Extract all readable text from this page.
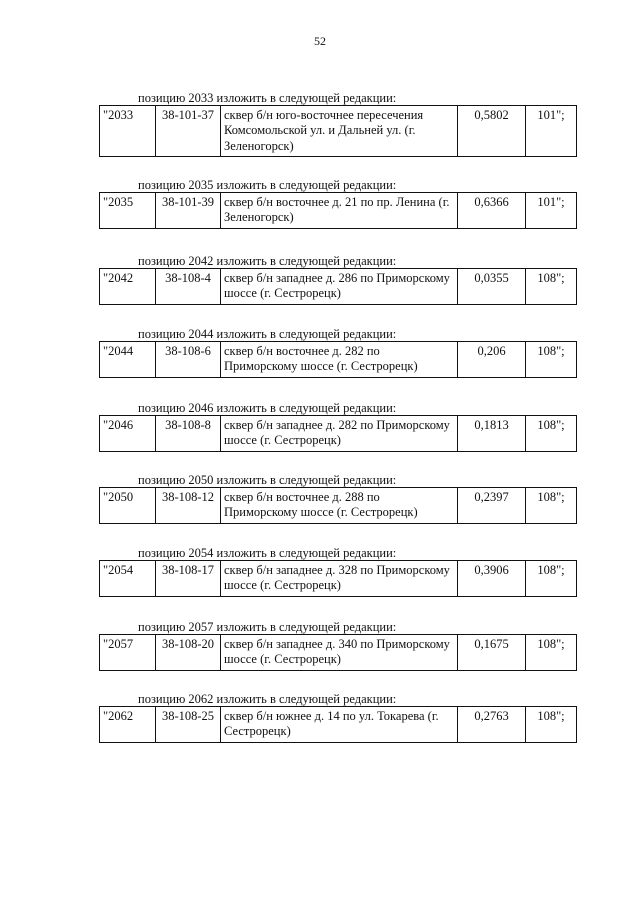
52
позицию 2033 изложить в следующей редакции:
"2033	38-101-37	сквер б/н юго-восточнее пересечения Комсомольской ул. и Дальней ул. (г. Зеленогорск)	0,5802	101";
позицию 2035 изложить в следующей редакции:
"2035	38-101-39	сквер б/н восточнее д. 21 по пр. Ленина (г. Зеленогорск)	0,6366	101";
позицию 2042 изложить в следующей редакции:
"2042	38-108-4	сквер б/н западнее д. 286 по Приморскому шоссе (г. Сестрорецк)	0,0355	108";
позицию 2044 изложить в следующей редакции:
"2044	38-108-6	сквер б/н восточнее д. 282 по Приморскому шоссе (г. Сестрорецк)	0,206	108";
позицию 2046 изложить в следующей редакции:
"2046	38-108-8	сквер б/н западнее д. 282 по Приморскому шоссе (г. Сестрорецк)	0,1813	108";
позицию 2050 изложить в следующей редакции:
"2050	38-108-12	сквер б/н восточнее д. 288 по Приморскому шоссе (г. Сестрорецк)	0,2397	108";
позицию 2054 изложить в следующей редакции:
"2054	38-108-17	сквер б/н западнее д. 328 по Приморскому шоссе (г. Сестрорецк)	0,3906	108";
позицию 2057 изложить в следующей редакции:
"2057	38-108-20	сквер б/н западнее д. 340 по Приморскому шоссе (г. Сестрорецк)	0,1675	108";
позицию 2062 изложить в следующей редакции:
"2062	38-108-25	сквер б/н южнее д. 14 по ул. Токарева (г. Сестрорецк)	0,2763	108";
